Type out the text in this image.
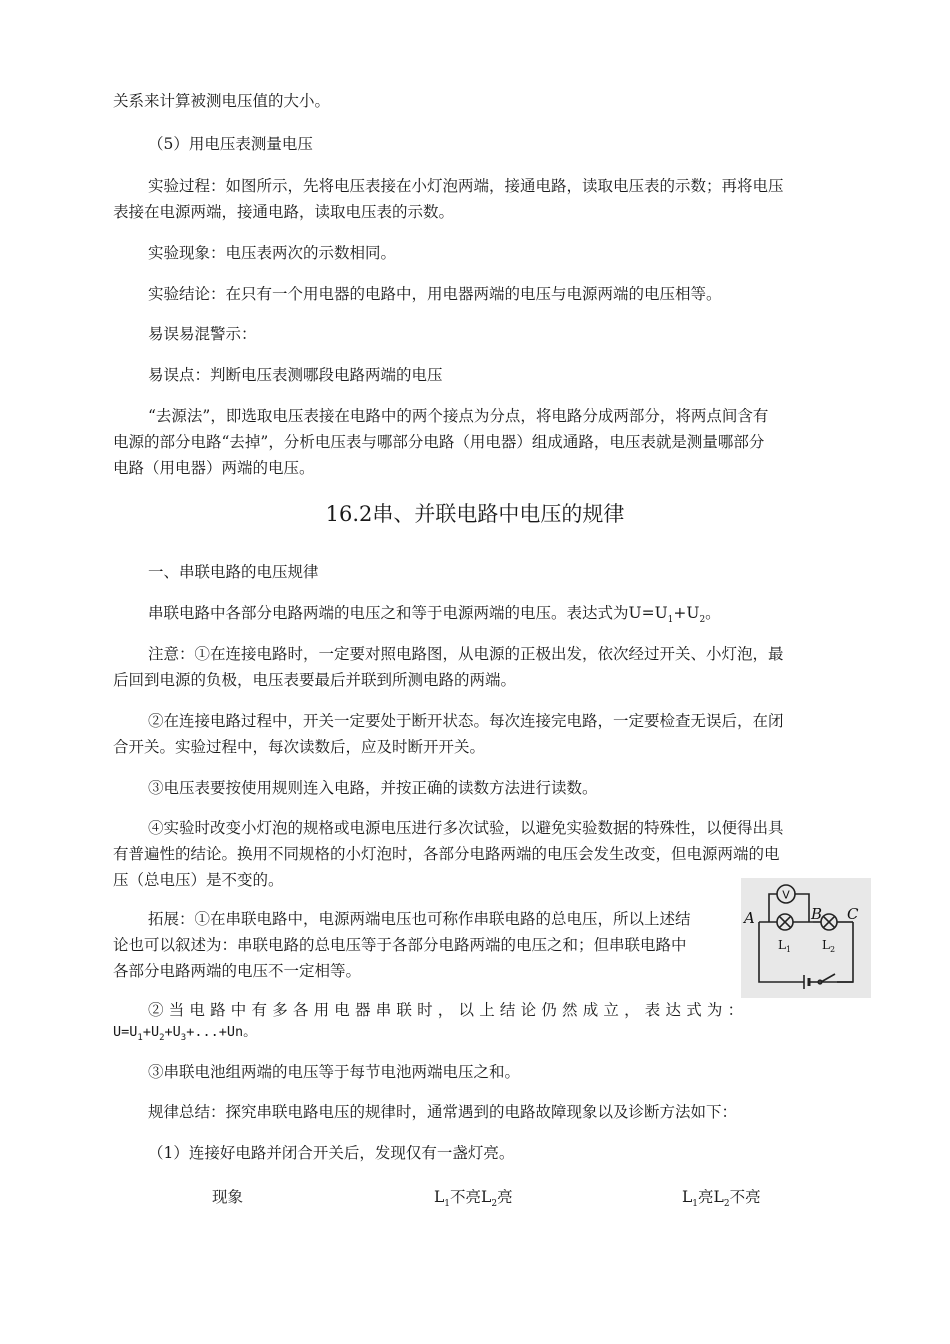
关系来计算被测电压值的大小。
（5）用电压表测量电压
实验过程：如图所示，先将电压表接在小灯泡两端，接通电路，读取电压表的示数；再将电压
表接在电源两端，接通电路，读取电压表的示数。
实验现象：电压表两次的示数相同。
实验结论：在只有一个用电器的电路中，用电器两端的电压与电源两端的电压相等。
易误易混警示：
易误点：判断电压表测哪段电路两端的电压
“去源法”，即选取电压表接在电路中的两个接点为分点，将电路分成两部分，将两点间含有
电源的部分电路“去掉”，分析电压表与哪部分电路（用电器）组成通路，电压表就是测量哪部分
电路（用电器）两端的电压。
16.2串、并联电路中电压的规律
一、串联电路的电压规律
串联电路中各部分电路两端的电压之和等于电源两端的电压。表达式为$U=U_1+U_2$。
注意：①在连接电路时，一定要对照电路图，从电源的正极出发，依次经过开关、小灯泡，最
后回到电源的负极，电压表要最后并联到所测电路的两端。
②在连接电路过程中，开关一定要处于断开状态。每次连接完电路，一定要检查无误后，在闭
合开关。实验过程中，每次读数后，应及时断开开关。
③电压表要按使用规则连入电路，并按正确的读数方法进行读数。
④实验时改变小灯泡的规格或电源电压进行多次试验，以避免实验数据的特殊性，以便得出具
有普遍性的结论。换用不同规格的小灯泡时，各部分电路两端的电压会发生改变，但电源两端的电
压（总电压）是不变的。
拓展：①在串联电路中，电源两端电压也可称作串联电路的总电压，所以上述结
论也可以叙述为：串联电路的总电压等于各部分电路两端的电压之和；但串联电路中
各部分电路两端的电压不一定相等。
②当电路中有多各用电器串联时，以上结论仍然成立，表达式为：
$U=U_1+U_2+U_3+...+Un$。
③串联电池组两端的电压等于每节电池两端电压之和。
规律总结：探究串联电路电压的规律时，通常遇到的电路故障现象以及诊断方法如下：
（1）连接好电路并闭合开关后，发现仅有一盏灯亮。
现象	$L_1$不亮$L_2$亮	$L_1$亮$L_2$不亮
V
A	B C
$L_1$	$L_2$
